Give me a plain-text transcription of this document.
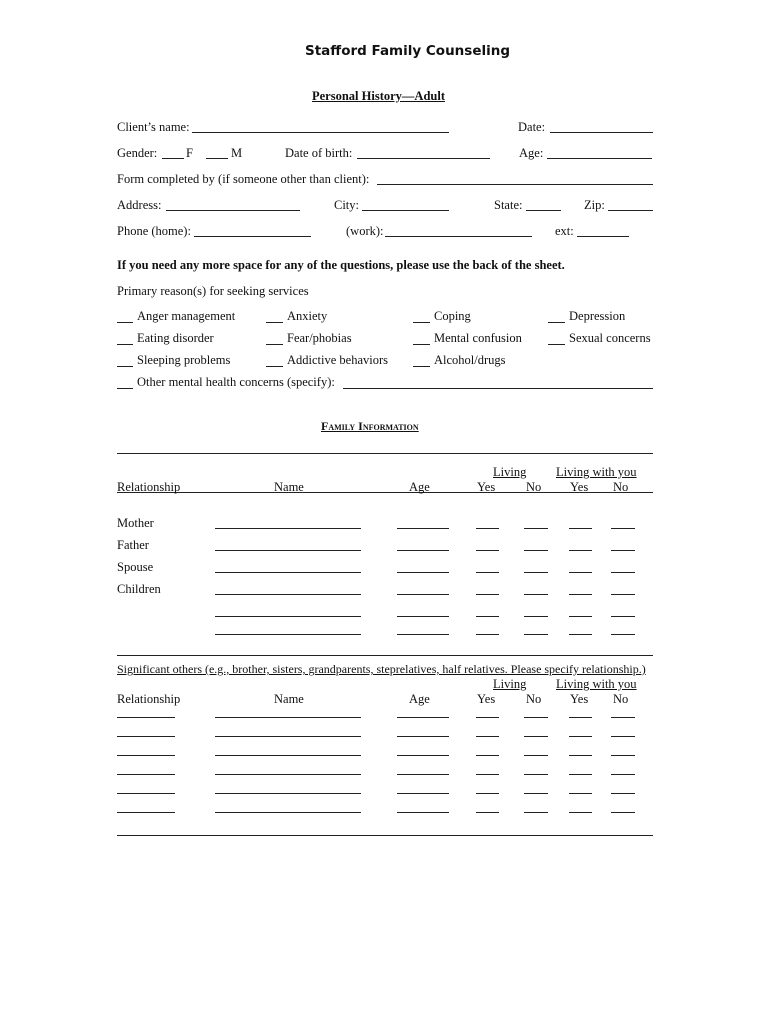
Stafford Family Counseling
Personal History—Adult
Client’s name:	Date:
Gender: F	M	Date of birth:	Age:
Form completed by (if someone other than client):
Address:	City:	State:	Zip:
Phone (home):	(work):	ext:
If you need any more space for any of the questions, please use the back of the sheet.
Primary reason(s) for seeking services
Anger management	Anxiety	Coping	Depression
Eating disorder	Fear/phobias	Mental confusion	Sexual concerns
Sleeping problems	Addictive behaviors	Alcohol/drugs
Other mental health concerns (specify):
Family Information
Living Living with you
Relationship	Name	Age	Yes No Yes No
Mother
Father
Spouse
Children
Significant others (e.g., brother, sisters, grandparents, steprelatives, half relatives. Please specify relationship.)
Living Living with you
Relationship	Name	Age	Yes No Yes No
